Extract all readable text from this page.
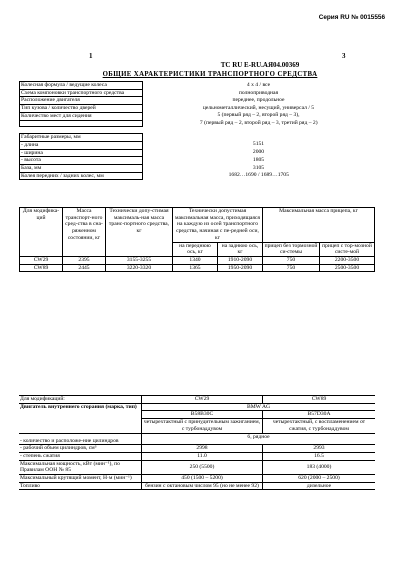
Серия RU № 0015556
1	3
TC RU E-RU.АЯ04.00369
ОБЩИЕ ХАРАКТЕРИСТИКИ ТРАНСПОРТНОГО СРЕДСТВА
Колесная формула / ведущие колеса	4 x 4 / все
Схема компоновки транспортного средства	полноприводная
Расположение двигателя	переднее, продольное
Тип кузова / количество дверей	цельнометаллический, несущий, универсал / 5
Количество мест для сидения	5 (первый ряд – 2, второй ряд – 3),
	7 (первый ряд – 2, второй ряд – 3, третий ряд – 2)

Габаритные размеры, мм	
- длина	5151
- ширина	2000
- высота	1805
База, мм	3105
Колея передних / задних колес, мм	1682…1690 / 1689…1705
Для модифика-ций	Масса транспорт-ного сред-ства в сна-ряженном состоянии, кг	Технически допу-стимая максималь-ная масса транс-портного средства, кг	Технически допустимая максимальная масса, приходящаяся на каждую из осей транспортного средства, начиная с пе-редней оси, кг		Максимальная масса прицепа, кг	
			на переднюю ось, кг	на заднюю ось, кг	прицеп без тормозной си-стемы	прицеп с тор-мозной систе-мой
CW29	2395	3155-3255	1340	1910-2090	750	2200-3500
CW89	2445	3220-3320	1365	1950-2090	750	2500-3500
Для модификаций:	CW29	CW89
Двигатель внутреннего сгорания (марка, тип)	BMW AG	
	B58B30C	B57D30A
	четырехтактный с принудительным зажиганием, с турбонаддувом	четырехтактный, с воспламенением от сжатия, с турбонаддувом
- количество и расположе-ние цилиндров	6, рядное	
- рабочий объем цилиндров, см³	2998	2993
- степень сжатия	11.0	16.5
Максимальная мощность, кВт (мин⁻¹), по Правилам ООН № 85	250 (5500)	183 (4000)
Максимальный крутящий момент, Н·м (мин⁻¹)	450 (1500 – 5200)	620 (2000 – 2500)
Топливо	бензин с октановым числом 95 (но не менее 92)	дизельное
